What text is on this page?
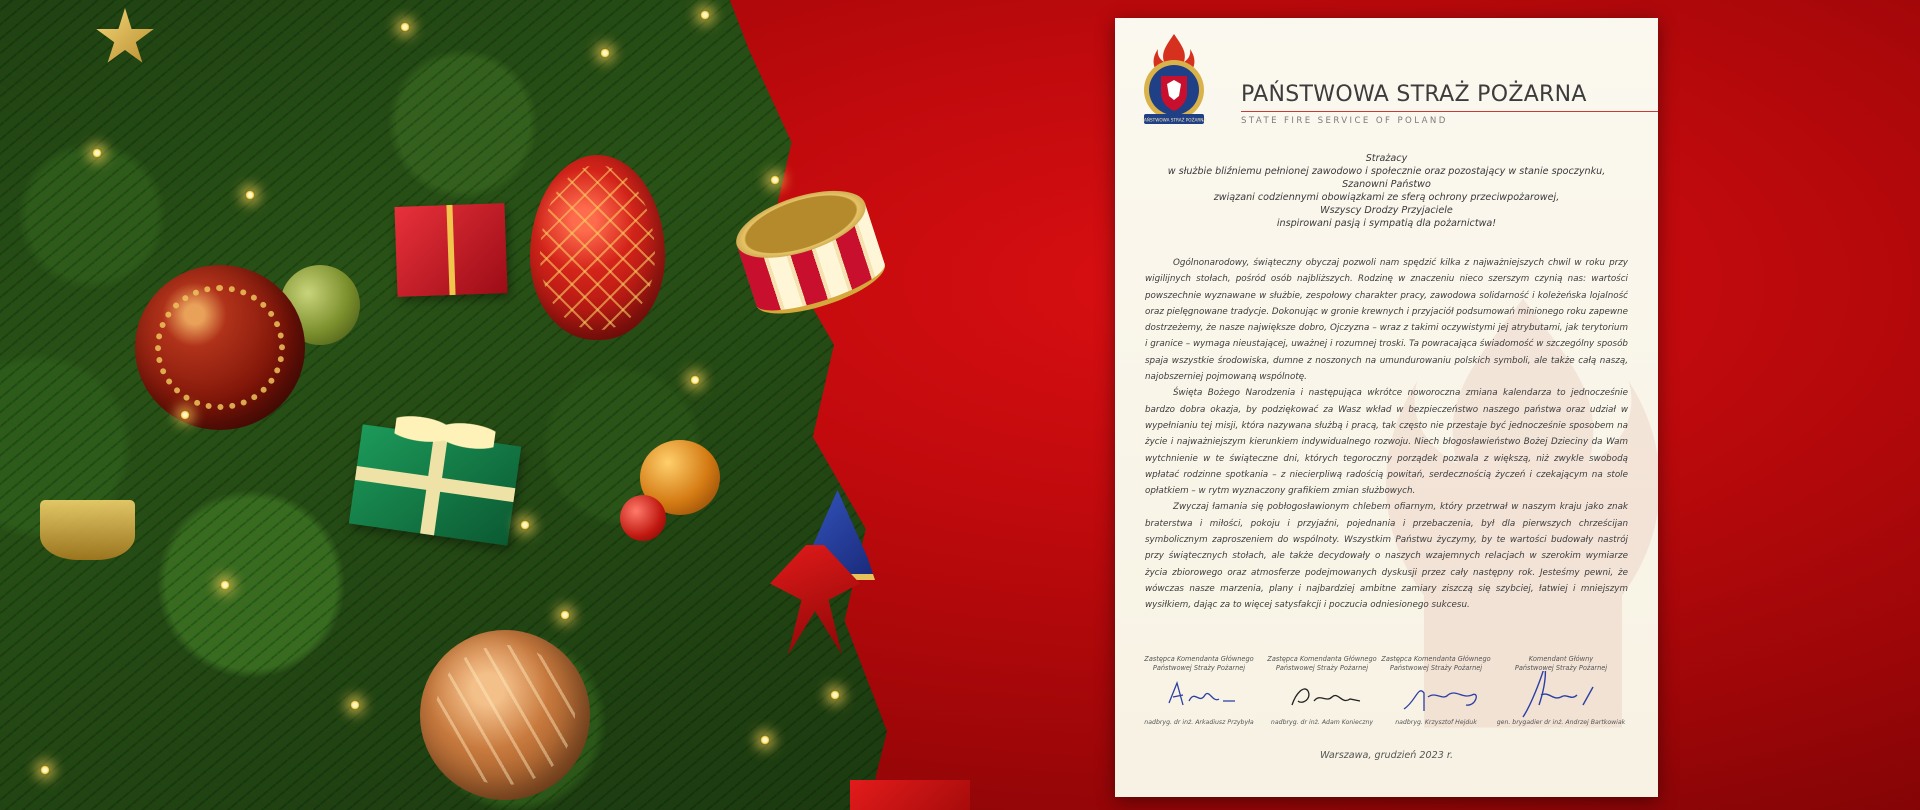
PAŃSTWOWA STRAŻ POŻARNA
PAŃSTWOWA STRAŻ POŻARNA
STATE FIRE SERVICE OF POLAND
Strażacy
w służbie bliźniemu pełnionej zawodowo i społecznie oraz pozostający w stanie spoczynku,
Szanowni Państwo
związani codziennymi obowiązkami ze sferą ochrony przeciwpożarowej,
Wszyscy Drodzy Przyjaciele
inspirowani pasją i sympatią dla pożarnictwa!

Ogólnonarodowy, świąteczny obyczaj pozwoli nam spędzić kilka z najważniejszych chwil w roku przy wigilijnych stołach, pośród osób najbliższych. Rodzinę w znaczeniu nieco szerszym czynią nas: wartości powszechnie wyznawane w służbie, zespołowy charakter pracy, zawodowa solidarność i koleżeńska lojalność oraz pielęgnowane tradycje. Dokonując w gronie krewnych i przyjaciół podsumowań minionego roku zapewne dostrzeżemy, że nasze największe dobro, Ojczyzna – wraz z takimi oczywistymi jej atrybutami, jak terytorium i granice – wymaga nieustającej, uważnej i rozumnej troski. Ta powracająca świadomość w szczególny sposób spaja wszystkie środowiska, dumne z noszonych na umundurowaniu polskich symboli, ale także całą naszą, najobszerniej pojmowaną wspólnotę.

Święta Bożego Narodzenia i następująca wkrótce noworoczna zmiana kalendarza to jednocześnie bardzo dobra okazja, by podziękować za Wasz wkład w bezpieczeństwo naszego państwa oraz udział w wypełnianiu tej misji, która nazywana służbą i pracą, tak często nie przestaje być jednocześnie sposobem na życie i najważniejszym kierunkiem indywidualnego rozwoju. Niech błogosławieństwo Bożej Dzieciny da Wam wytchnienie w te świąteczne dni, których tegoroczny porządek pozwala z większą, niż zwykle swobodą wpłatać rodzinne spotkania – z niecierpliwą radością powitań, serdecznością życzeń i czekającym na stole opłatkiem – w rytm wyznaczony grafikiem zmian służbowych.

Zwyczaj łamania się pobłogosławionym chlebem ofiarnym, który przetrwał w naszym kraju jako znak braterstwa i miłości, pokoju i przyjaźni, pojednania i przebaczenia, był dla pierwszych chrześcijan symbolicznym zaproszeniem do wspólnoty. Wszystkim Państwu życzymy, by te wartości budowały nastrój przy świątecznych stołach, ale także decydowały o naszych wzajemnych relacjach w szerokim wymiarze życia zbiorowego oraz atmosferze podejmowanych dyskusji przez cały następny rok. Jesteśmy pewni, że wówczas nasze marzenia, plany i najbardziej ambitne zamiary ziszczą się szybciej, łatwiej i mniejszym wysiłkiem, dając za to więcej satysfakcji i poczucia odniesionego sukcesu.

Zastępca Komendanta Głównego
Państwowej Straży Pożarnej
nadbryg. dr inż. Arkadiusz Przybyła
Zastępca Komendanta Głównego
Państwowej Straży Pożarnej
nadbryg. dr inż. Adam Konieczny
Zastępca Komendanta Głównego
Państwowej Straży Pożarnej
nadbryg. Krzysztof Hejduk
Komendant Główny
Państwowej Straży Pożarnej
gen. brygadier dr inż. Andrzej Bartkowiak
Warszawa, grudzień 2023 r.
